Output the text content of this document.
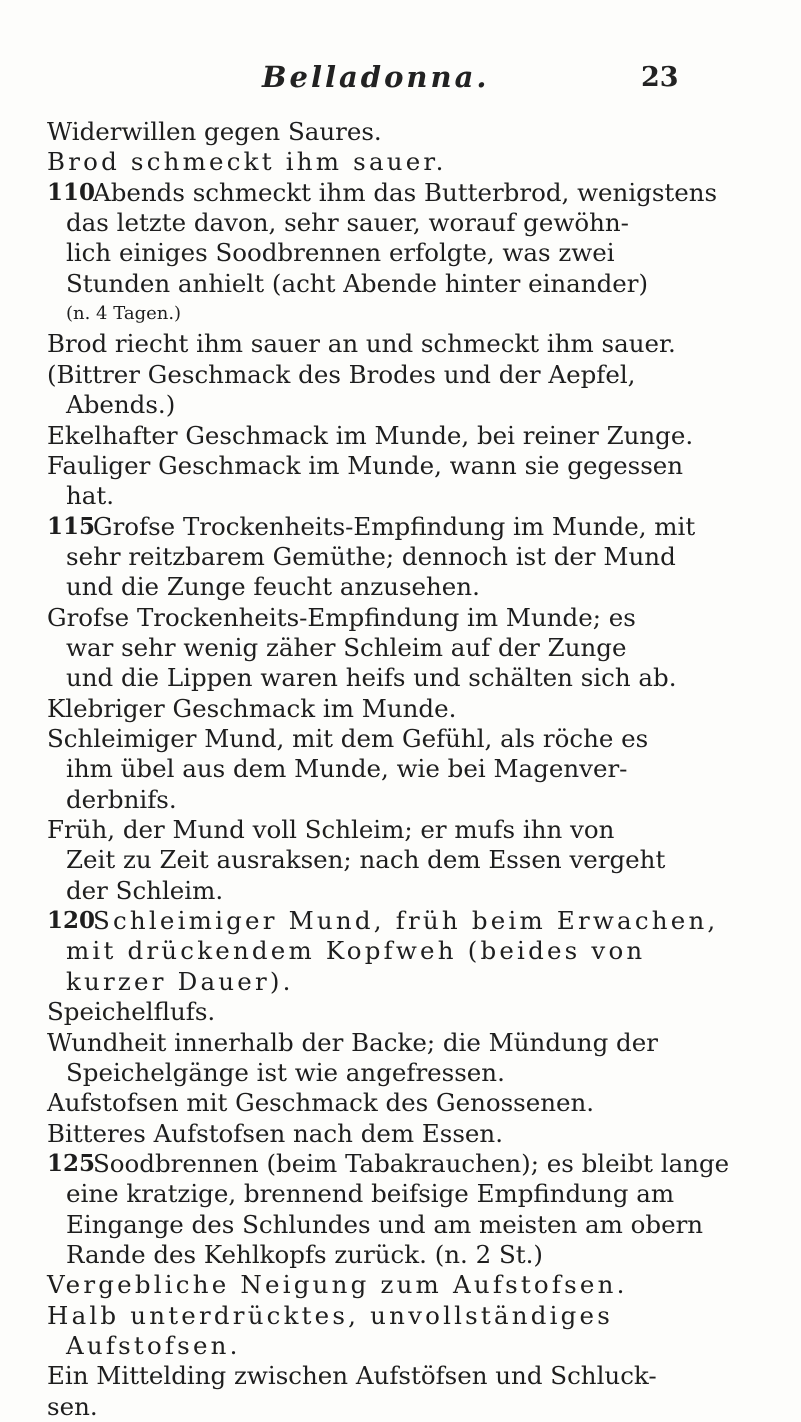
Belladonna.	23
Widerwillen gegen Saures.
Brod schmeckt ihm sauer.
110
Abends schmeckt ihm das Butterbrod, wenigstens
das letzte davon, sehr sauer, worauf gewöhn-
lich einiges Soodbrennen erfolgte, was zwei
Stunden anhielt (acht Abende hinter einander)
(n. 4 Tagen.)
Brod riecht ihm sauer an und schmeckt ihm sauer.
(Bittrer Geschmack des Brodes und der Aepfel,
Abends.)
Ekelhafter Geschmack im Munde, bei reiner Zunge.
Fauliger Geschmack im Munde, wann sie gegessen
hat.
115
Grofse Trockenheits-Empfindung im Munde, mit
sehr reitzbarem Gemüthe; dennoch ist der Mund
und die Zunge feucht anzusehen.
Grofse Trockenheits-Empfindung im Munde; es
war sehr wenig zäher Schleim auf der Zunge
und die Lippen waren heifs und schälten sich ab.
Klebriger Geschmack im Munde.
Schleimiger Mund, mit dem Gefühl, als röche es
ihm übel aus dem Munde, wie bei Magenver-
derbnifs.
Früh, der Mund voll Schleim; er mufs ihn von
Zeit zu Zeit ausraksen; nach dem Essen vergeht
der Schleim.
120
Schleimiger Mund, früh beim Erwachen,
mit drückendem Kopfweh (beides von
kurzer Dauer).
Speichelflufs.
Wundheit innerhalb der Backe; die Mündung der
Speichelgänge ist wie angefressen.
Aufstofsen mit Geschmack des Genossenen.
Bitteres Aufstofsen nach dem Essen.
125
Soodbrennen (beim Tabakrauchen); es bleibt lange
eine kratzige, brennend beifsige Empfindung am
Eingange des Schlundes und am meisten am obern
Rande des Kehlkopfs zurück. (n. 2 St.)
Vergebliche Neigung zum Aufstofsen.
Halb unterdrücktes, unvollständiges
Aufstofsen.
Ein Mittelding zwischen Aufstöfsen und Schluck-
sen.
